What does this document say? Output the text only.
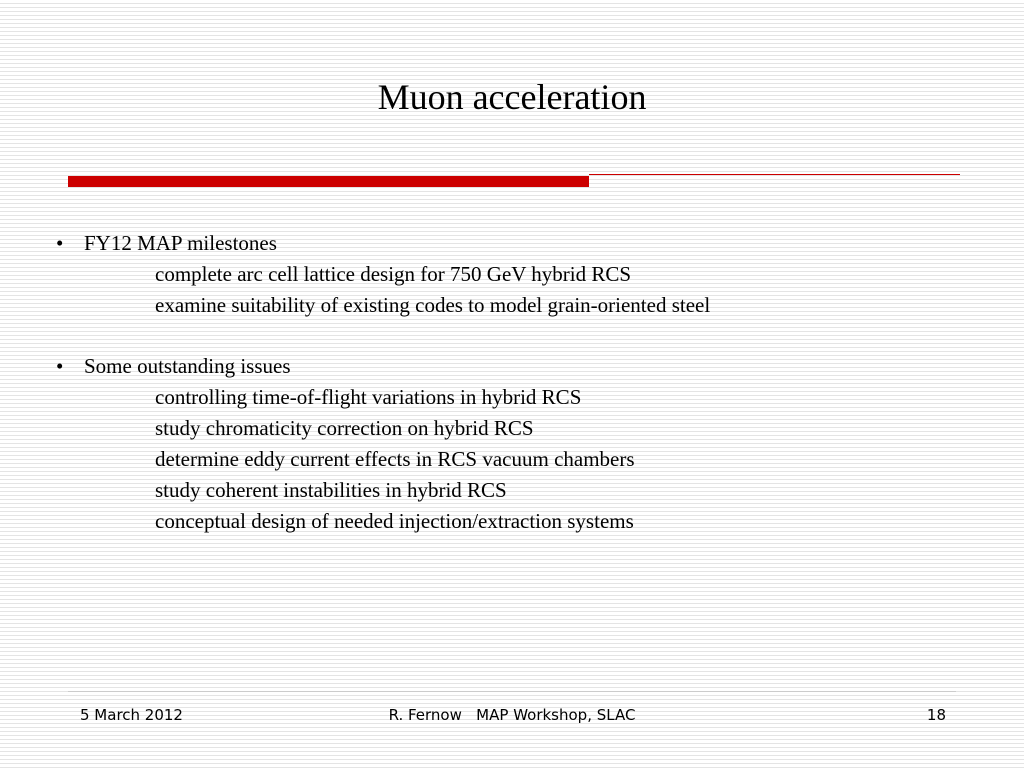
Muon acceleration
• FY12 MAP milestones
complete arc cell lattice design for 750 GeV hybrid RCS
examine suitability of existing codes to model grain-oriented steel
• Some outstanding issues
controlling time-of-flight variations in hybrid RCS
study chromaticity correction on hybrid RCS
determine eddy current effects in RCS vacuum chambers
study coherent instabilities in hybrid RCS
conceptual design of needed injection/extraction systems
5 March 2012	R. Fernow   MAP Workshop, SLAC	18
